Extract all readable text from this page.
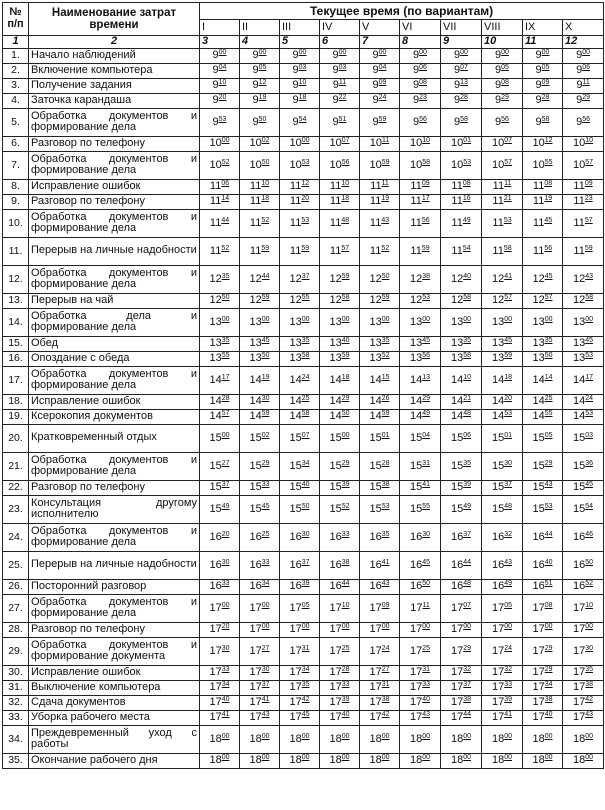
№ п/п	Наименование затрат времени	Текущее время (по вариантам)									
		I	II	III	IV	V	VI	VII	VIII	IX	X
1	2	3	4	5	6	7	8	9	10	11	12
1.	Начало наблюдений	$9^{00}$	$9^{00}$	$9^{00}$	$9^{00}$	$9^{00}$	$9^{00}$	$9^{00}$	$9^{00}$	$9^{00}$	$9^{00}$
2.	Включение компьютера	$9^{04}$	$9^{05}$	$9^{03}$	$9^{03}$	$9^{04}$	$9^{06}$	$9^{07}$	$9^{05}$	$9^{05}$	$9^{06}$
3.	Получение задания	$9^{10}$	$9^{12}$	$9^{10}$	$9^{11}$	$9^{09}$	$9^{08}$	$9^{13}$	$9^{08}$	$9^{09}$	$9^{11}$
4.	Заточка карандаша	$9^{20}$	$9^{19}$	$9^{18}$	$9^{22}$	$9^{24}$	$9^{23}$	$9^{28}$	$9^{29}$	$9^{28}$	$9^{29}$
5.	Обработка документов и формирование дела	$9^{53}$	$9^{50}$	$9^{54}$	$9^{51}$	$9^{59}$	$9^{56}$	$9^{58}$	$9^{56}$	$9^{58}$	$9^{56}$
6.	Разговор по телефону	$10^{00}$	$10^{02}$	$10^{00}$	$10^{07}$	$10^{11}$	$10^{10}$	$10^{01}$	$10^{07}$	$10^{12}$	$10^{10}$
7.	Обработка документов и формирование дела	$10^{52}$	$10^{50}$	$10^{53}$	$10^{56}$	$10^{59}$	$10^{58}$	$10^{53}$	$10^{57}$	$10^{55}$	$10^{57}$
8.	Исправление ошибок	$11^{06}$	$11^{10}$	$11^{12}$	$11^{10}$	$11^{11}$	$11^{09}$	$11^{08}$	$11^{11}$	$11^{08}$	$11^{09}$
9.	Разговор по телефону	$11^{14}$	$11^{18}$	$11^{20}$	$11^{18}$	$11^{19}$	$11^{17}$	$11^{16}$	$11^{21}$	$11^{19}$	$11^{23}$
10.	Обработка документов и формирование дела	$11^{44}$	$11^{52}$	$11^{53}$	$11^{48}$	$11^{43}$	$11^{56}$	$11^{49}$	$11^{53}$	$11^{45}$	$11^{57}$
11.	Перерыв на личные надобности	$11^{52}$	$11^{59}$	$11^{59}$	$11^{57}$	$11^{52}$	$11^{59}$	$11^{54}$	$11^{58}$	$11^{56}$	$11^{59}$
12.	Обработка документов и формирование дела	$12^{35}$	$12^{44}$	$12^{37}$	$12^{59}$	$12^{50}$	$12^{38}$	$12^{40}$	$12^{41}$	$12^{45}$	$12^{43}$
13.	Перерыв на чай	$12^{50}$	$12^{59}$	$12^{55}$	$12^{58}$	$12^{59}$	$12^{53}$	$12^{58}$	$12^{57}$	$12^{57}$	$12^{58}$
14.	Обработка дела и формирование дела	$13^{00}$	$13^{00}$	$13^{00}$	$13^{00}$	$13^{00}$	$13^{00}$	$13^{00}$	$13^{00}$	$13^{00}$	$13^{00}$
15.	Обед	$13^{35}$	$13^{45}$	$13^{35}$	$13^{40}$	$13^{35}$	$13^{45}$	$13^{35}$	$13^{45}$	$13^{35}$	$13^{45}$
16.	Опоздание с обеда	$13^{55}$	$13^{50}$	$13^{58}$	$13^{59}$	$13^{52}$	$13^{56}$	$13^{58}$	$13^{59}$	$13^{50}$	$13^{53}$
17.	Обработка документов и формирование дела	$14^{17}$	$14^{19}$	$14^{24}$	$14^{18}$	$14^{15}$	$14^{13}$	$14^{10}$	$14^{18}$	$14^{14}$	$14^{17}$
18.	Исправление ошибок	$14^{28}$	$14^{30}$	$14^{25}$	$14^{29}$	$14^{26}$	$14^{29}$	$14^{21}$	$14^{20}$	$14^{25}$	$14^{24}$
19.	Ксерокопия документов	$14^{57}$	$14^{59}$	$14^{58}$	$14^{50}$	$14^{59}$	$14^{49}$	$14^{48}$	$14^{53}$	$14^{55}$	$14^{53}$
20.	Кратковременный отдых	$15^{00}$	$15^{02}$	$15^{07}$	$15^{00}$	$15^{01}$	$15^{04}$	$15^{06}$	$15^{01}$	$15^{05}$	$15^{03}$
21.	Обработка документов и формирование дела	$15^{27}$	$15^{29}$	$15^{34}$	$15^{29}$	$15^{28}$	$15^{31}$	$15^{35}$	$15^{30}$	$15^{29}$	$15^{36}$
22.	Разговор по телефону	$15^{37}$	$15^{33}$	$15^{40}$	$15^{39}$	$15^{38}$	$15^{41}$	$15^{39}$	$15^{37}$	$15^{43}$	$15^{45}$
23.	Консультация другому исполнителю	$15^{49}$	$15^{45}$	$15^{50}$	$15^{52}$	$15^{53}$	$15^{55}$	$15^{49}$	$15^{48}$	$15^{53}$	$15^{54}$
24.	Обработка документов и формирование дела	$16^{20}$	$16^{25}$	$16^{30}$	$16^{33}$	$16^{35}$	$16^{30}$	$16^{37}$	$16^{32}$	$16^{44}$	$16^{46}$
25.	Перерыв на личные надобности	$16^{30}$	$16^{33}$	$16^{37}$	$16^{38}$	$16^{41}$	$16^{45}$	$16^{44}$	$16^{43}$	$16^{40}$	$16^{50}$
26.	Посторонний разговор	$16^{33}$	$16^{34}$	$16^{39}$	$16^{44}$	$16^{43}$	$16^{50}$	$16^{48}$	$16^{49}$	$16^{51}$	$16^{52}$
27.	Обработка документов и формирование дела	$17^{00}$	$17^{00}$	$17^{05}$	$17^{10}$	$17^{09}$	$17^{11}$	$17^{07}$	$17^{05}$	$17^{08}$	$17^{10}$
28.	Разговор по телефону	$17^{20}$	$17^{00}$	$17^{00}$	$17^{00}$	$17^{00}$	$17^{00}$	$17^{00}$	$17^{00}$	$17^{00}$	$17^{00}$
29.	Обработка документов и формирование документа	$17^{30}$	$17^{27}$	$17^{31}$	$17^{25}$	$17^{24}$	$17^{25}$	$17^{29}$	$17^{24}$	$17^{29}$	$17^{30}$
30.	Исправление ошибок	$17^{33}$	$17^{30}$	$17^{34}$	$17^{28}$	$17^{27}$	$17^{31}$	$17^{32}$	$17^{32}$	$17^{29}$	$17^{35}$
31.	Выключение компьютера	$17^{34}$	$17^{37}$	$17^{35}$	$17^{33}$	$17^{31}$	$17^{33}$	$17^{37}$	$17^{33}$	$17^{34}$	$17^{38}$
32.	Сдача документов	$17^{40}$	$17^{41}$	$17^{42}$	$17^{39}$	$17^{38}$	$17^{40}$	$17^{38}$	$17^{39}$	$17^{38}$	$17^{42}$
33.	Уборка рабочего места	$17^{41}$	$17^{43}$	$17^{45}$	$17^{40}$	$17^{42}$	$17^{43}$	$17^{44}$	$17^{41}$	$17^{40}$	$17^{43}$
34.	Преждевременный уход с работы	$18^{00}$	$18^{00}$	$18^{00}$	$18^{00}$	$18^{00}$	$18^{00}$	$18^{00}$	$18^{00}$	$18^{00}$	$18^{00}$
35.	Окончание рабочего дня	$18^{00}$	$18^{00}$	$18^{00}$	$18^{00}$	$18^{00}$	$18^{00}$	$18^{00}$	$18^{00}$	$18^{00}$	$18^{00}$
